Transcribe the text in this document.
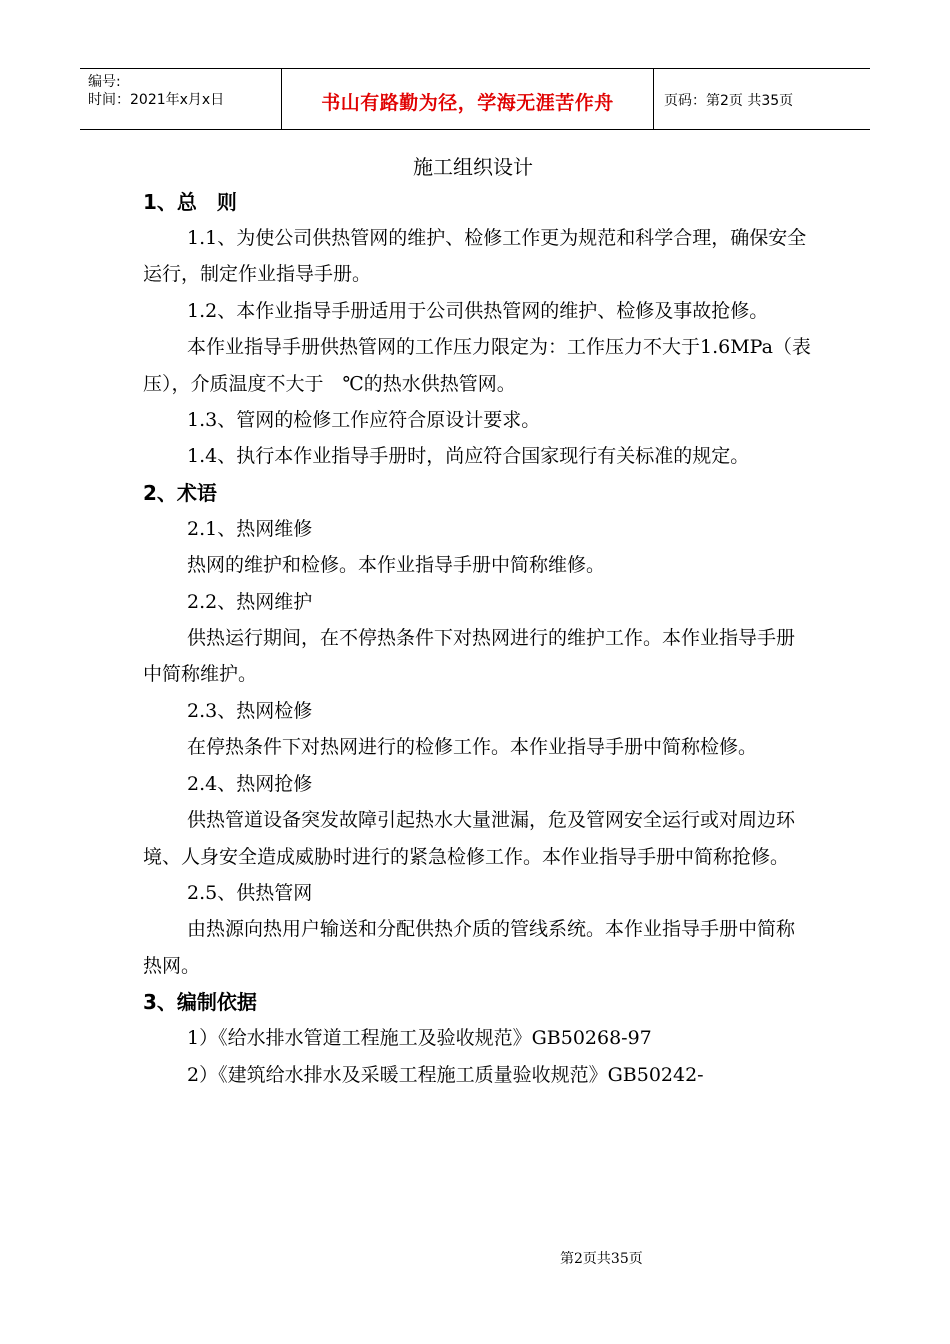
编号:
时间：2021年x月x日	书山有路勤为径，学海无涯苦作舟	页码：第2页 共35页
施工组织设计
1、总　则

1.1、为使公司供热管网的维护、检修工作更为规范和科学合理，确保安全运行，制定作业指导手册。

1.2、本作业指导手册适用于公司供热管网的维护、检修及事故抢修。

本作业指导手册供热管网的工作压力限定为：工作压力不大于1.6MPa（表压），介质温度不大于　℃的热水供热管网。

1.3、管网的检修工作应符合原设计要求。

1.4、执行本作业指导手册时，尚应符合国家现行有关标准的规定。

2、术语

2.1、热网维修

热网的维护和检修。本作业指导手册中简称维修。

2.2、热网维护

供热运行期间，在不停热条件下对热网进行的维护工作。本作业指导手册中简称维护。

2.3、热网检修

在停热条件下对热网进行的检修工作。本作业指导手册中简称检修。

2.4、热网抢修

供热管道设备突发故障引起热水大量泄漏，危及管网安全运行或对周边环境、人身安全造成威胁时进行的紧急检修工作。本作业指导手册中简称抢修。

2.5、供热管网

由热源向热用户输送和分配供热介质的管线系统。本作业指导手册中简称热网。

3、编制依据

1）《给水排水管道工程施工及验收规范》GB50268-97

2）《建筑给水排水及采暖工程施工质量验收规范》GB50242-

第2页共35页
